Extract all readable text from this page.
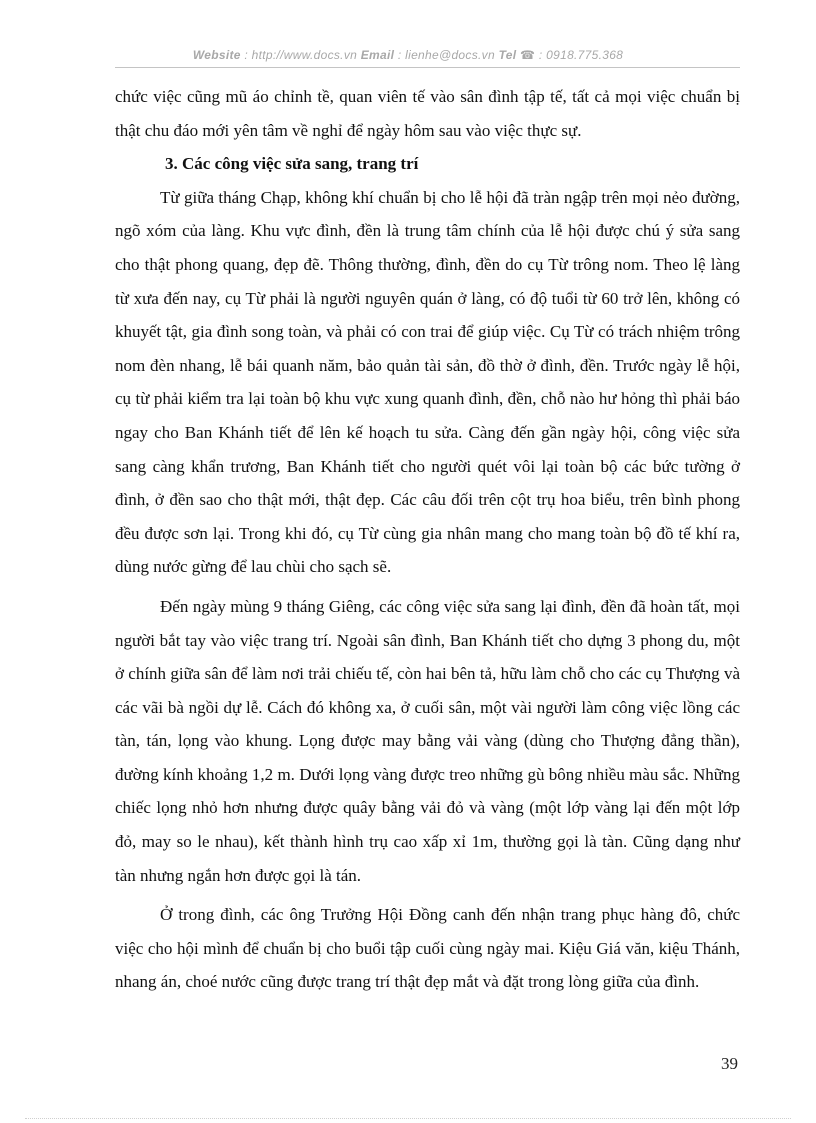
Website : http://www.docs.vn Email : lienhe@docs.vn Tel ☎ : 0918.775.368

chức việc cũng mũ áo chỉnh tề, quan viên tế vào sân đình tập tế, tất cả mọi việc chuẩn bị thật chu đáo mới yên tâm về nghỉ để ngày hôm sau vào việc thực sự.

3. Các công việc sửa sang, trang trí

Từ giữa tháng Chạp, không khí chuẩn bị cho lễ hội đã tràn ngập trên mọi nẻo đường, ngõ xóm của làng. Khu vực đình, đền là trung tâm chính của lễ hội được chú ý sửa sang cho thật phong quang, đẹp đẽ. Thông thường, đình, đền do cụ Từ trông nom. Theo lệ làng từ xưa đến nay, cụ Từ phải là người nguyên quán ở làng, có độ tuổi từ 60 trở lên, không có khuyết tật, gia đình song toàn, và phải có con trai để giúp việc. Cụ Từ có trách nhiệm trông nom đèn nhang, lễ bái quanh năm, bảo quản tài sản, đồ thờ ở đình, đền. Trước ngày lễ hội, cụ từ phải kiểm tra lại toàn bộ khu vực xung quanh đình, đền, chỗ nào hư hỏng thì phải báo ngay cho Ban Khánh tiết để lên kế hoạch tu sửa. Càng đến gần ngày hội, công việc sửa sang càng khẩn trương, Ban Khánh tiết cho người quét vôi lại toàn bộ các bức tường ở đình, ở đền sao cho thật mới, thật đẹp. Các câu đối trên cột trụ hoa biểu, trên bình phong đều được sơn lại. Trong khi đó, cụ Từ cùng gia nhân mang cho mang toàn bộ đồ tế khí ra, dùng nước gừng để lau chùi cho sạch sẽ.

Đến ngày mùng 9 tháng Giêng, các công việc sửa sang lại đình, đền đã hoàn tất, mọi người bắt tay vào việc trang trí. Ngoài sân đình, Ban Khánh tiết cho dựng 3 phong du, một ở chính giữa sân để làm nơi trải chiếu tế, còn hai bên tả, hữu làm chỗ cho các cụ Thượng và các vãi bà ngồi dự lễ. Cách đó không xa, ở cuối sân, một vài người làm công việc lồng các tàn, tán, lọng vào khung. Lọng được may bằng vải vàng (dùng cho Thượng đẳng thần), đường kính khoảng 1,2 m. Dưới lọng vàng được treo những gù bông nhiều màu sắc. Những chiếc lọng nhỏ hơn nhưng được quây bằng vải đỏ và vàng (một lớp vàng lại đến một lớp đỏ, may so le nhau), kết thành hình trụ cao xấp xỉ 1m, thường gọi là tàn. Cũng dạng như tàn nhưng ngắn hơn được gọi là tán.

Ở trong đình, các ông Trưởng Hội Đồng canh đến nhận trang phục hàng đô, chức việc cho hội mình để chuẩn bị cho buổi tập cuối cùng ngày mai. Kiệu Giá văn, kiệu Thánh, nhang án, choé nước cũng được trang trí thật đẹp mắt và đặt trong lòng giữa của đình.

39
